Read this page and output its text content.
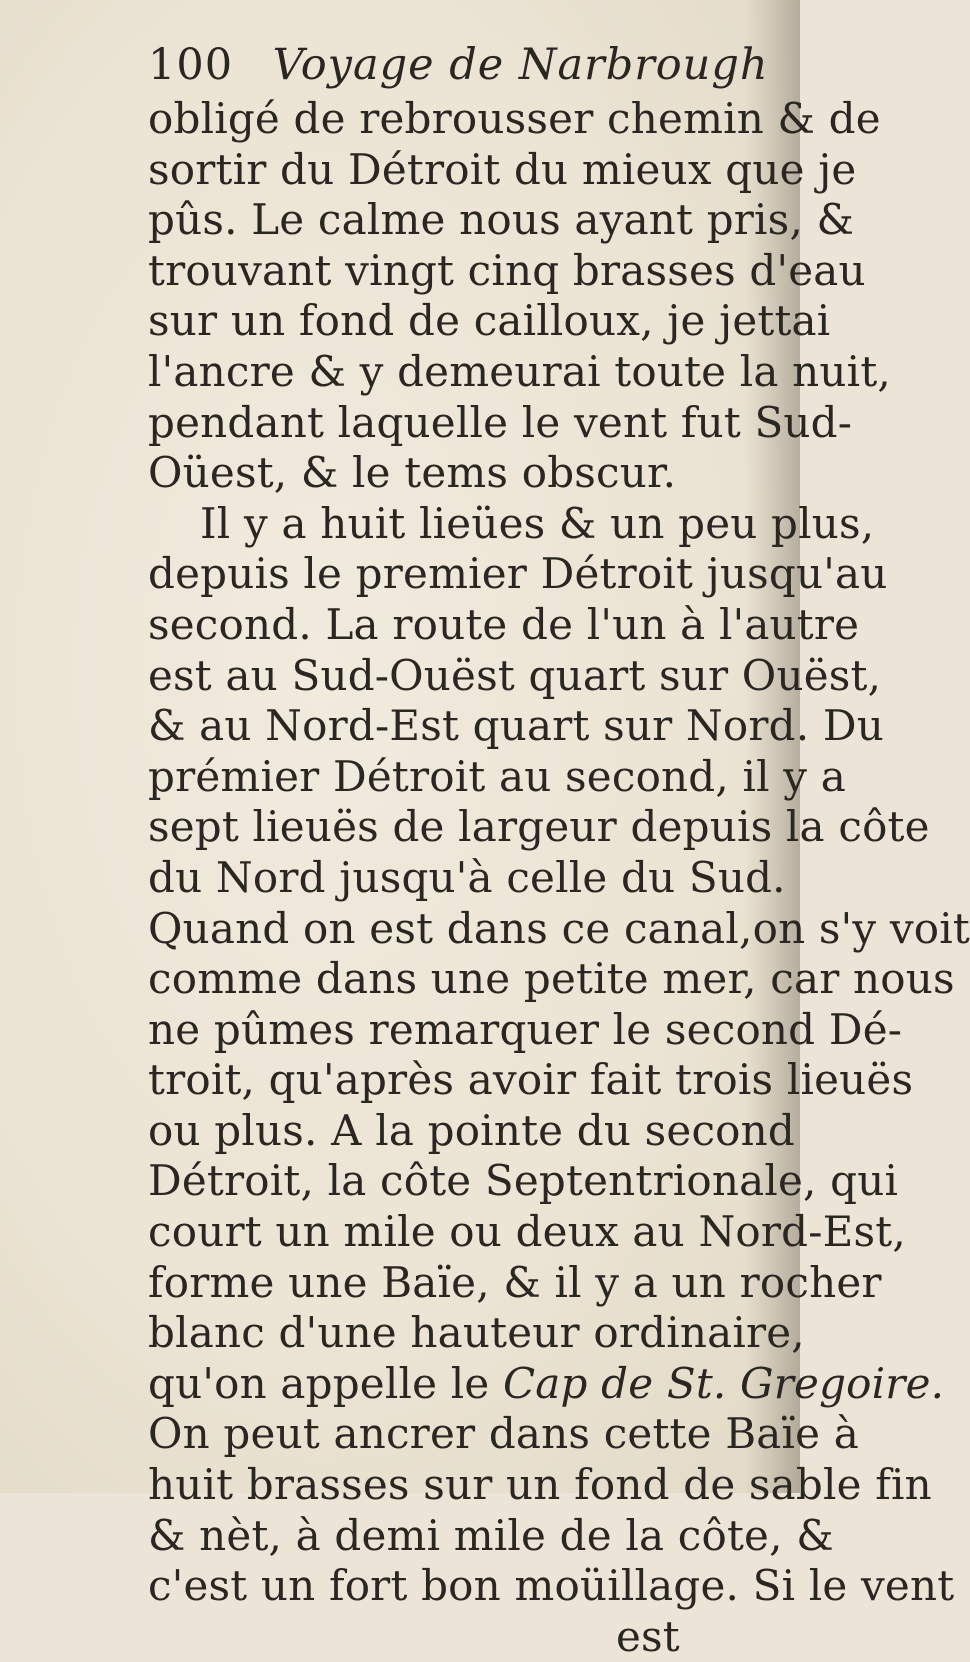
100 Voyage de Narbrough
obligé de rebrousser chemin & de
sortir du Détroit du mieux que je
pûs. Le calme nous ayant pris, &
trouvant vingt cinq brasses d'eau
sur un fond de cailloux, je jettai
l'ancre & y demeurai toute la nuit,
pendant laquelle le vent fut Sud-
Oüest, & le tems obscur.
Il y a huit lieües & un peu plus,
depuis le premier Détroit jusqu'au
second. La route de l'un à l'autre
est au Sud-Ouëst quart sur Ouëst,
& au Nord-Est quart sur Nord. Du
prémier Détroit au second, il y a
sept lieuës de largeur depuis la côte
du Nord jusqu'à celle du Sud.
Quand on est dans ce canal,on s'y voit
comme dans une petite mer, car nous
ne pûmes remarquer le second Dé-
troit, qu'après avoir fait trois lieuës
ou plus. A la pointe du second
Détroit, la côte Septentrionale, qui
court un mile ou deux au Nord-Est,
forme une Baïe, & il y a un rocher
blanc d'une hauteur ordinaire,
qu'on appelle le Cap de St. Gregoire.
On peut ancrer dans cette Baïe à
huit brasses sur un fond de sable fin
& nèt, à demi mile de la côte, &
c'est un fort bon moüillage. Si le vent
est
